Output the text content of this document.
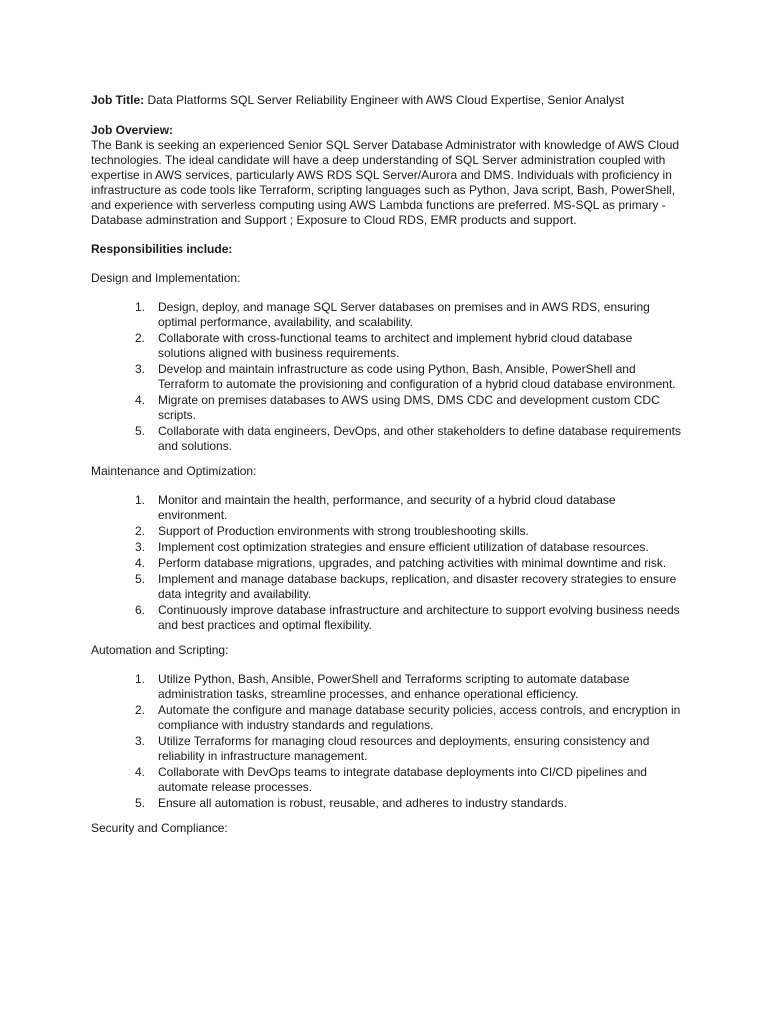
Job Title: Data Platforms SQL Server Reliability Engineer with AWS Cloud Expertise, Senior Analyst

Job Overview:

The Bank is seeking an experienced Senior SQL Server Database Administrator with knowledge of AWS Cloud technologies. The ideal candidate will have a deep understanding of SQL Server administration coupled with expertise in AWS services, particularly AWS RDS SQL Server/Aurora and DMS. Individuals with proficiency in infrastructure as code tools like Terraform, scripting languages such as Python, Java script, Bash, PowerShell, and experience with serverless computing using AWS Lambda functions are preferred. MS-SQL as primary - Database adminstration and Support ; Exposure to Cloud RDS, EMR products and support.

Responsibilities include:

Design and Implementation:

1. Design, deploy, and manage SQL Server databases on premises and in AWS RDS, ensuring optimal performance, availability, and scalability.
2. Collaborate with cross-functional teams to architect and implement hybrid cloud database solutions aligned with business requirements.
3. Develop and maintain infrastructure as code using Python, Bash, Ansible, PowerShell and Terraform to automate the provisioning and configuration of a hybrid cloud database environment.
4. Migrate on premises databases to AWS using DMS, DMS CDC and development custom CDC scripts.
5. Collaborate with data engineers, DevOps, and other stakeholders to define database requirements and solutions.

Maintenance and Optimization:

1. Monitor and maintain the health, performance, and security of a hybrid cloud database environment.
2. Support of Production environments with strong troubleshooting skills.
3. Implement cost optimization strategies and ensure efficient utilization of database resources.
4. Perform database migrations, upgrades, and patching activities with minimal downtime and risk.
5. Implement and manage database backups, replication, and disaster recovery strategies to ensure data integrity and availability.
6. Continuously improve database infrastructure and architecture to support evolving business needs and best practices and optimal flexibility.

Automation and Scripting:

1. Utilize Python, Bash, Ansible, PowerShell and Terraforms scripting to automate database administration tasks, streamline processes, and enhance operational efficiency.
2. Automate the configure and manage database security policies, access controls, and encryption in compliance with industry standards and regulations.
3. Utilize Terraforms for managing cloud resources and deployments, ensuring consistency and reliability in infrastructure management.
4. Collaborate with DevOps teams to integrate database deployments into CI/CD pipelines and automate release processes.
5. Ensure all automation is robust, reusable, and adheres to industry standards.

Security and Compliance:
